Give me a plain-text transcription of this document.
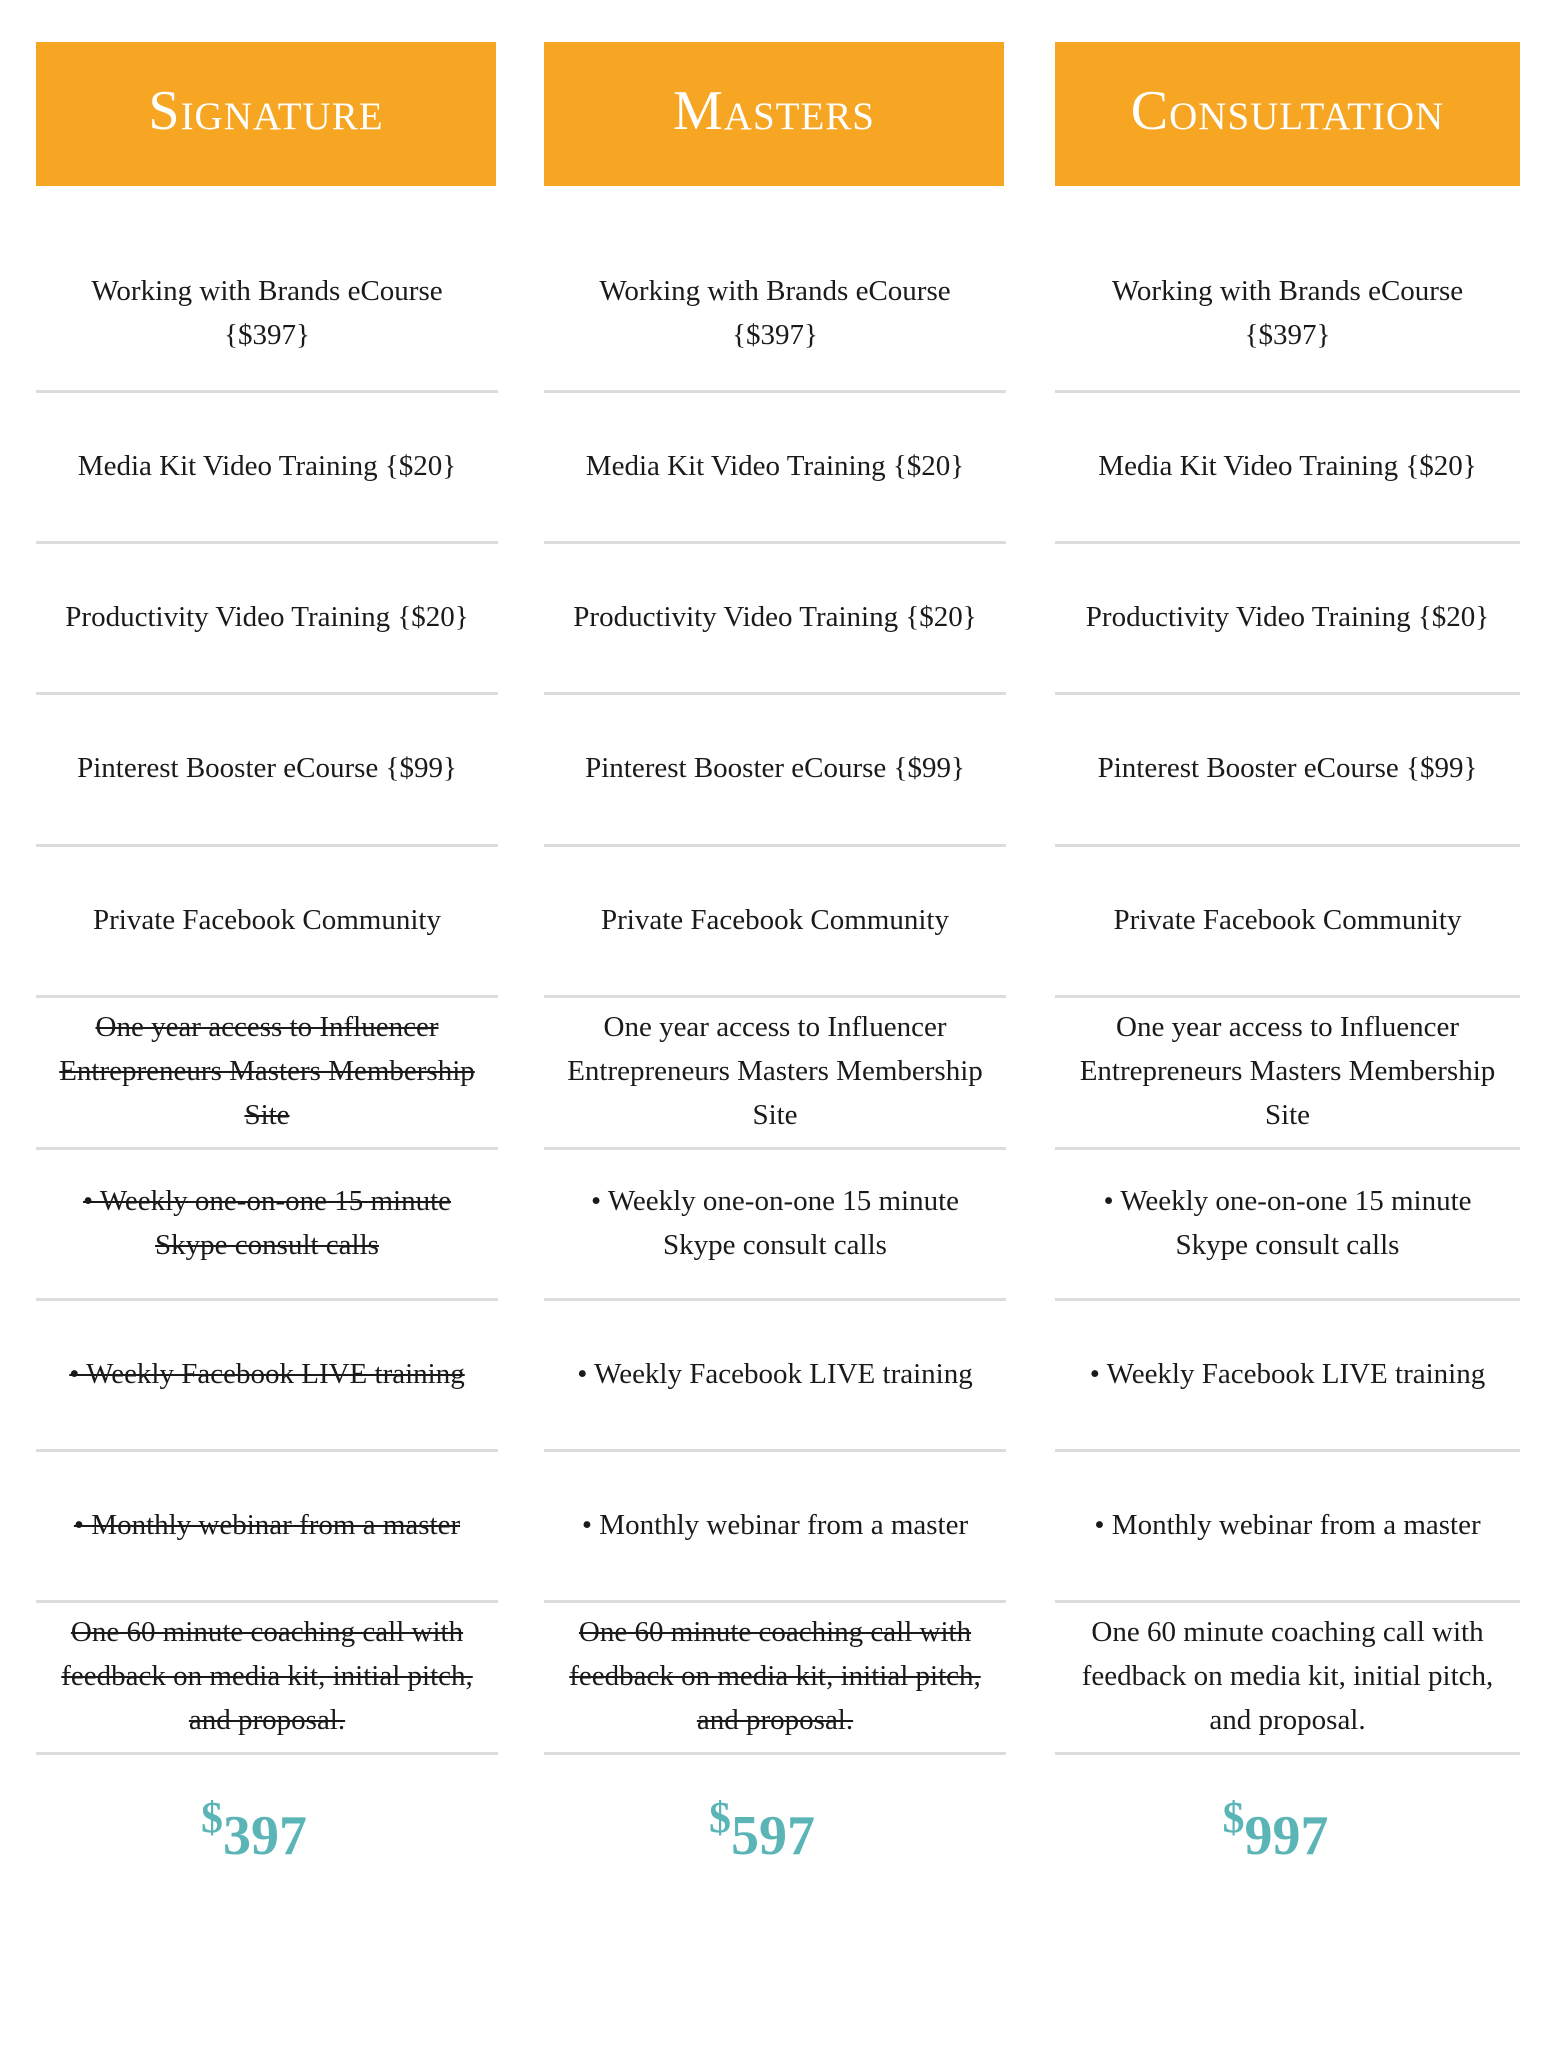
Signature
Working with Brands eCourse {$397}
Media Kit Video Training {$20}
Productivity Video Training {$20}
Pinterest Booster eCourse {$99}
Private Facebook Community
One year access to Influencer Entrepreneurs Masters Membership Site
• Weekly one-on-one 15 minute Skype consult calls
• Weekly Facebook LIVE training
• Monthly webinar from a master
One 60 minute coaching call with feedback on media kit, initial pitch, and proposal.
$ 397
Masters
Working with Brands eCourse {$397}
Media Kit Video Training {$20}
Productivity Video Training {$20}
Pinterest Booster eCourse {$99}
Private Facebook Community
One year access to Influencer Entrepreneurs Masters Membership Site
• Weekly one-on-one 15 minute Skype consult calls
• Weekly Facebook LIVE training
• Monthly webinar from a master
One 60 minute coaching call with feedback on media kit, initial pitch, and proposal.
$ 597
Consultation
Working with Brands eCourse {$397}
Media Kit Video Training {$20}
Productivity Video Training {$20}
Pinterest Booster eCourse {$99}
Private Facebook Community
One year access to Influencer Entrepreneurs Masters Membership Site
• Weekly one-on-one 15 minute Skype consult calls
• Weekly Facebook LIVE training
• Monthly webinar from a master
One 60 minute coaching call with feedback on media kit, initial pitch, and proposal.
$ 997
